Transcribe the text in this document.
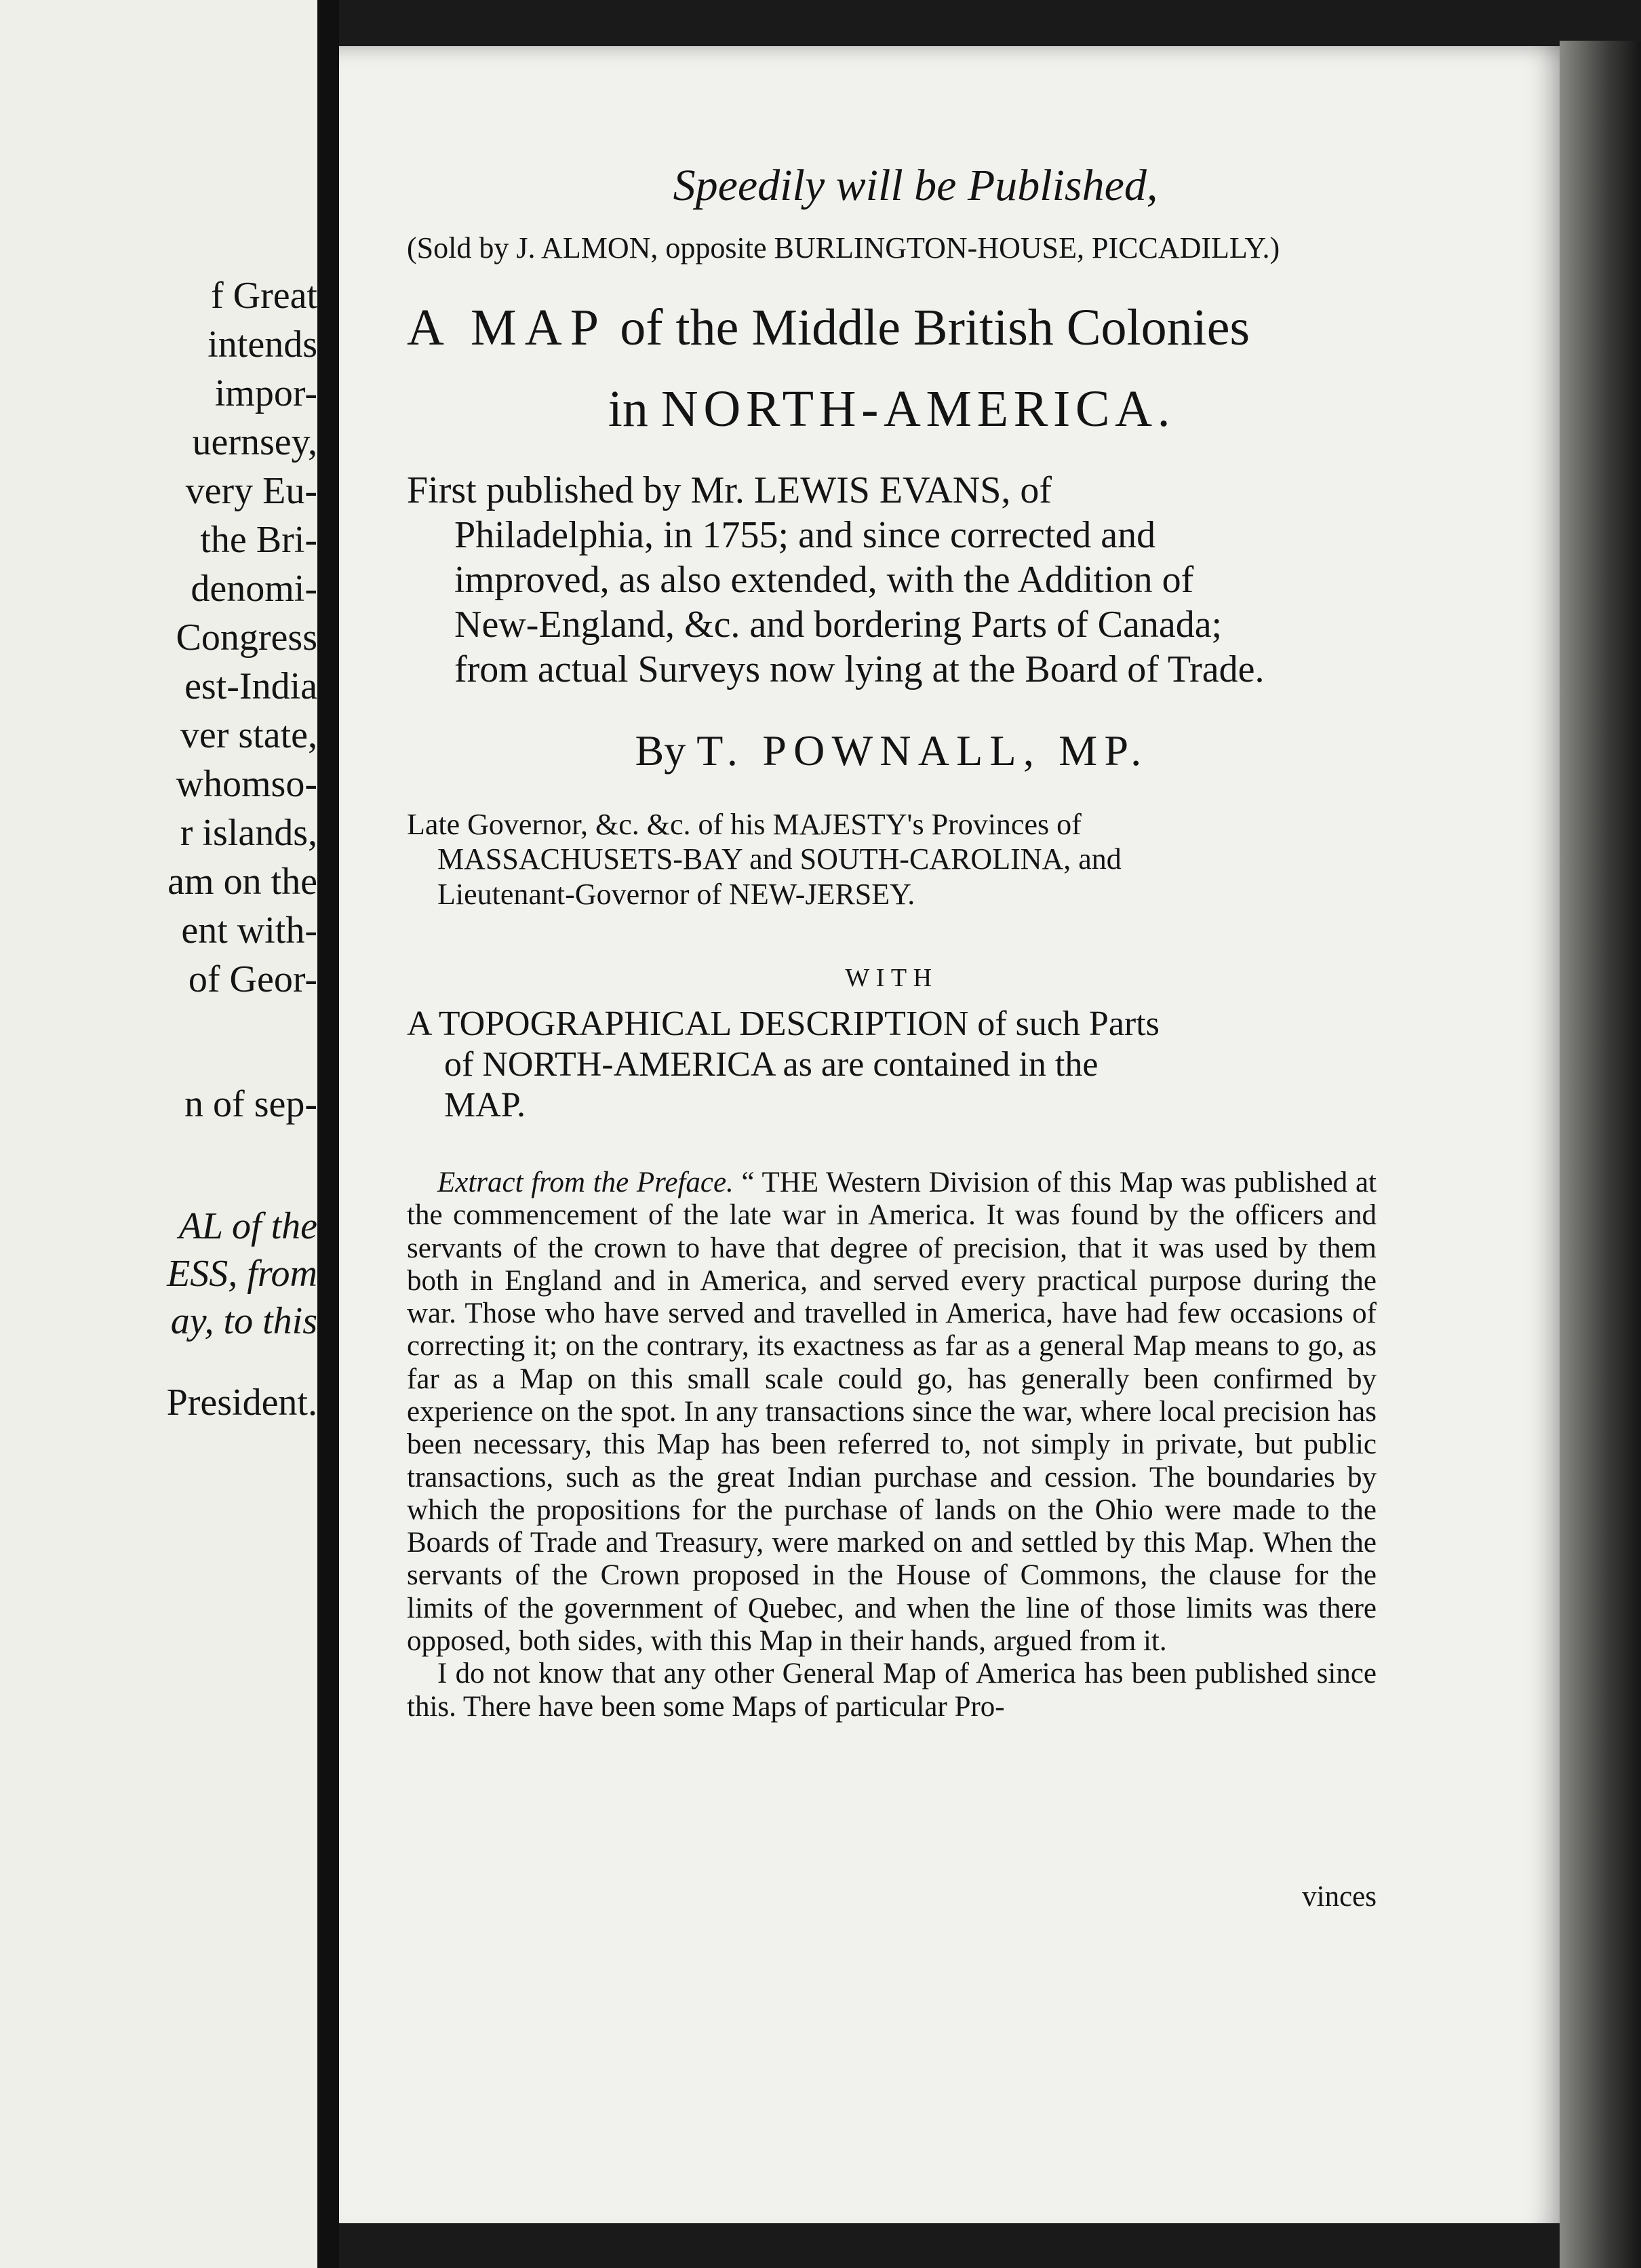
f Great
intends
impor-
uernsey,
very Eu-
the Bri-
denomi-
Congress
est-India
ver state,
whomso-
r islands,
am on the
ent with-
of Geor-
n of sep-
AL of the
ESS, from
ay, to this
President.
Speedily will be Published,
(Sold by J. ALMON, opposite BURLINGTON-HOUSE, PICCADILLY.)
A MAP of the Middle British Colonies
in NORTH-AMERICA.
First published by Mr. LEWIS EVANS, of
Philadelphia, in 1755; and since corrected and
improved, as also extended, with the Addition of
New-England, &c. and bordering Parts of Canada;
from actual Surveys now lying at the Board of Trade.
By T. POWNALL, MP.
Late Governor, &c. &c. of his MAJESTY's Provinces of
MASSACHUSETS-BAY and SOUTH-CAROLINA, and
Lieutenant-Governor of NEW-JERSEY.
WITH
A TOPOGRAPHICAL DESCRIPTION of such Parts
of NORTH-AMERICA as are contained in the
MAP.

Extract from the Preface. “ THE Western Division of this Map was published at the commencement of the late war in America. It was found by the officers and servants of the crown to have that degree of precision, that it was used by them both in England and in America, and served every practical purpose during the war. Those who have served and travelled in America, have had few occasions of correcting it; on the contrary, its exactness as far as a general Map means to go, as far as a Map on this small scale could go, has generally been confirmed by experience on the spot. In any transactions since the war, where local precision has been necessary, this Map has been referred to, not simply in private, but public transactions, such as the great Indian purchase and cession. The boundaries by which the propositions for the purchase of lands on the Ohio were made to the Boards of Trade and Treasury, were marked on and settled by this Map. When the servants of the Crown proposed in the House of Commons, the clause for the limits of the government of Quebec, and when the line of those limits was there opposed, both sides, with this Map in their hands, argued from it.

I do not know that any other General Map of America has been published since this. There have been some Maps of particular Pro-

vinces
